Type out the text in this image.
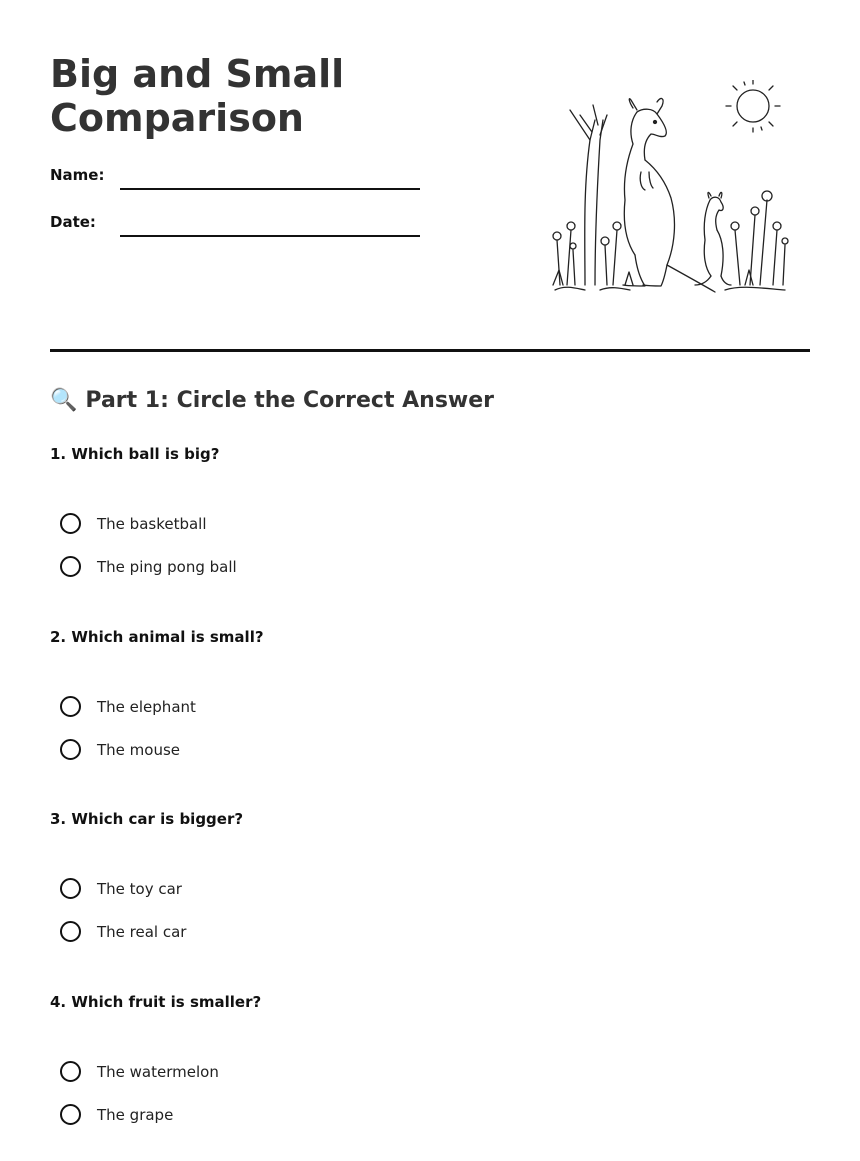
Big and Small Comparison
Name:
Date:
🔍 Part 1: Circle the Correct Answer

1. Which ball is big?

The basketball
The ping pong ball

2. Which animal is small?

The elephant
The mouse

3. Which car is bigger?

The toy car
The real car

4. Which fruit is smaller?

The watermelon
The grape
